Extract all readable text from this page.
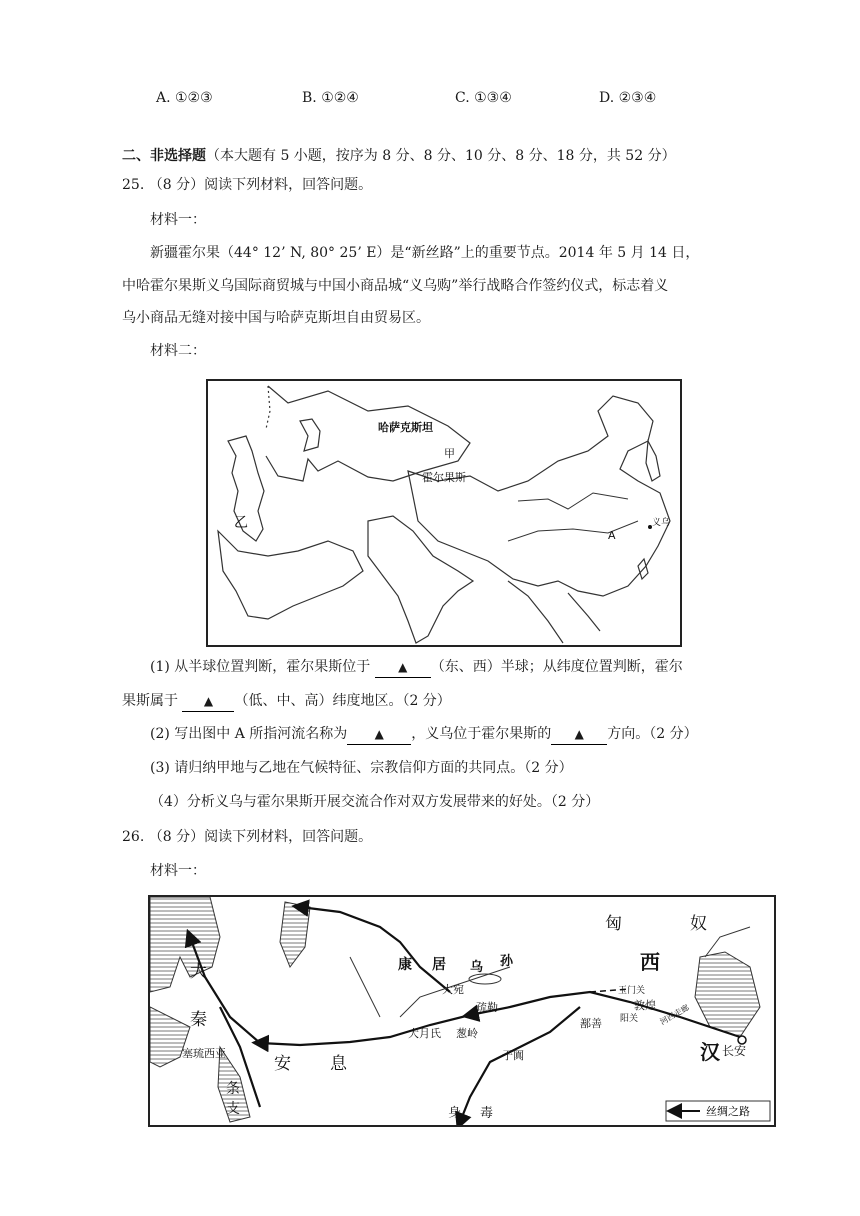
A. ①②③	B. ①②④	C. ①③④	D. ②③④
二、非选择题（本大题有 5 小题，按序为 8 分、8 分、10 分、8 分、18 分，共 52 分）
25. （8 分）阅读下列材料，回答问题。
材料一：
新疆霍尔果（44° 12’ N, 80° 25’ E）是“新丝路”上的重要节点。2014 年 5 月 14 日，
中哈霍尔果斯义乌国际商贸城与中国小商品城“义乌购”举行战略合作签约仪式，标志着义
乌小商品无缝对接中国与哈萨克斯坦自由贸易区。
材料二：
哈萨克斯坦
甲
霍尔果斯
乙
A
义乌
(1) 从半球位置判断，霍尔果斯位于 ▲ （东、西）半球；从纬度位置判断，霍尔
果斯属于 ▲ （低、中、高）纬度地区。（2 分）
(2) 写出图中 A 所指河流名称为 ▲ ，义乌位于霍尔果斯的 ▲ 方向。（2 分）
(3) 请归纳甲地与乙地在气候特征、宗教信仰方面的共同点。（2 分）
（4）分析义乌与霍尔果斯开展交流合作对双方发展带来的好处。（2 分）
26. （8 分）阅读下列材料，回答问题。
材料一：
匈	奴
大
秦
康 居 乌 孙
大宛
疏勒
玉门关
阳关
敦煌 河西走廊
西
汉 长安
鄯善
于阗
葱岭
大月氏
安 息
塞琉西亚
条
支	身 毒	丝绸之路
